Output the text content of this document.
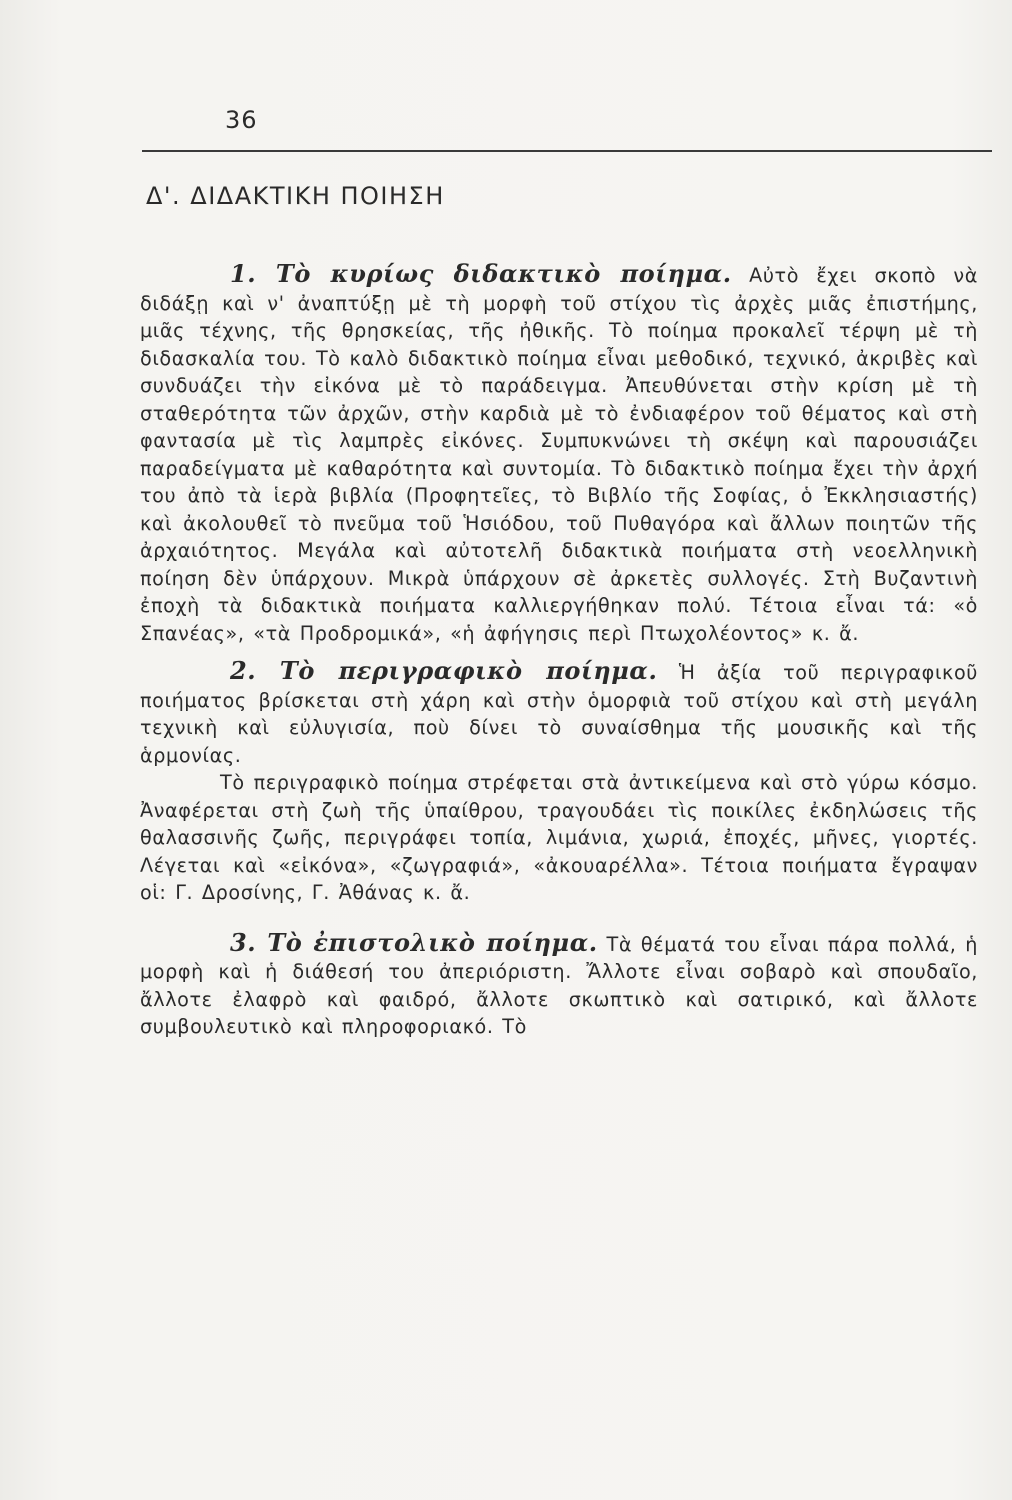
36
Δ'. ΔΙΔΑΚΤΙΚΗ ΠΟΙΗΣΗ

1. Τὸ κυρίως διδακτικὸ ποίημα. Αὐτὸ ἔχει σκοπὸ νὰ διδάξῃ καὶ ν' ἀναπτύξῃ μὲ τὴ μορφὴ τοῦ στίχου τὶς ἀρχὲς μιᾶς ἐπιστήμης, μιᾶς τέχνης, τῆς θρησκείας, τῆς ἠθικῆς. Τὸ ποίημα προκαλεῖ τέρψη μὲ τὴ διδασκαλία του. Τὸ καλὸ διδακτικὸ ποίημα εἶναι μεθοδικό, τεχνικό, ἀκριβὲς καὶ συνδυάζει τὴν εἰκόνα μὲ τὸ παράδειγμα. Ἀπευθύνεται στὴν κρίση μὲ τὴ σταθερότητα τῶν ἀρχῶν, στὴν καρδιὰ μὲ τὸ ἐνδιαφέρον τοῦ θέματος καὶ στὴ φαντασία μὲ τὶς λαμπρὲς εἰκόνες. Συμπυκνώνει τὴ σκέψη καὶ παρουσιάζει παραδείγματα μὲ καθαρότητα καὶ συντομία. Τὸ διδακτικὸ ποίημα ἔχει τὴν ἀρχή του ἀπὸ τὰ ἱερὰ βιβλία (Προφητεῖες, τὸ Βιβλίο τῆς Σοφίας, ὁ Ἐκκλησιαστής) καὶ ἀκολουθεῖ τὸ πνεῦμα τοῦ Ἡσιόδου, τοῦ Πυθαγόρα καὶ ἄλλων ποιητῶν τῆς ἀρχαιότητος. Μεγάλα καὶ αὐτοτελῆ διδακτικὰ ποιήματα στὴ νεοελληνικὴ ποίηση δὲν ὑπάρχουν. Μικρὰ ὑπάρχουν σὲ ἀρκετὲς συλλογές. Στὴ Βυζαντινὴ ἐποχὴ τὰ διδακτικὰ ποιήματα καλλιεργήθηκαν πολύ. Τέτοια εἶναι τά: «ὁ Σπανέας», «τὰ Προδρομικά», «ἡ ἀφήγησις περὶ Πτωχολέοντος» κ. ἄ.

2. Τὸ περιγραφικὸ ποίημα. Ἡ ἀξία τοῦ περιγραφικοῦ ποιήματος βρίσκεται στὴ χάρη καὶ στὴν ὁμορφιὰ τοῦ στίχου καὶ στὴ μεγάλη τεχνικὴ καὶ εὐλυγισία, ποὺ δίνει τὸ συναίσθημα τῆς μουσικῆς καὶ τῆς ἁρμονίας.

Τὸ περιγραφικὸ ποίημα στρέφεται στὰ ἀντικείμενα καὶ στὸ γύρω κόσμο. Ἀναφέρεται στὴ ζωὴ τῆς ὑπαίθρου, τραγουδάει τὶς ποικίλες ἐκδηλώσεις τῆς θαλασσινῆς ζωῆς, περιγράφει τοπία, λιμάνια, χωριά, ἐποχές, μῆνες, γιορτές. Λέγεται καὶ «εἰκόνα», «ζωγραφιά», «ἀκουαρέλλα». Τέτοια ποιήματα ἔγραψαν οἱ: Γ. Δροσίνης, Γ. Ἀθάνας κ. ἄ.

3. Τὸ ἐπιστολικὸ ποίημα. Τὰ θέματά του εἶναι πάρα πολλά, ἡ μορφὴ καὶ ἡ διάθεσή του ἀπεριόριστη. Ἄλλοτε εἶναι σοβαρὸ καὶ σπουδαῖο, ἄλλοτε ἐλαφρὸ καὶ φαιδρό, ἄλλοτε σκωπτικὸ καὶ σατιρικό, καὶ ἄλλοτε συμβουλευτικὸ καὶ πληροφοριακό. Τὸ
